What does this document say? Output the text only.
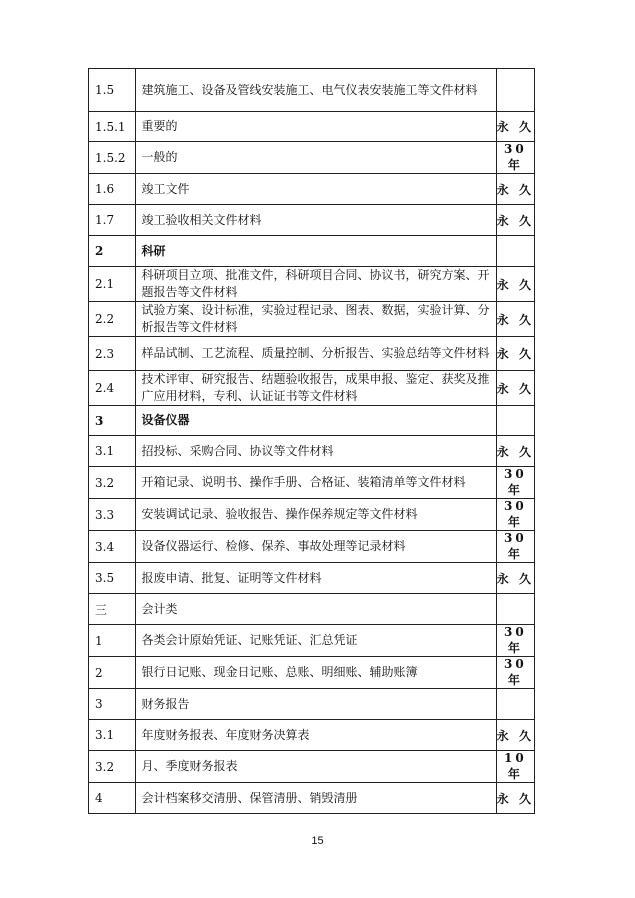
1.5	建筑施工、设备及管线安装施工、电气仪表安装施工等文件材料	
1.5.1	重要的	永 久
1.5.2	一般的	30 年
1.6	竣工文件	永 久
1.7	竣工验收相关文件材料	永 久
2	科研	
2.1	科研项目立项、批准文件，科研项目合同、协议书，研究方案、开题报告等文件材料	永 久
2.2	试验方案、设计标准，实验过程记录、图表、数据，实验计算、分析报告等文件材料	永 久
2.3	样品试制、工艺流程、质量控制、分析报告、实验总结等文件材料	永 久
2.4	技术评审、研究报告、结题验收报告，成果申报、鉴定、获奖及推广应用材料，专利、认证证书等文件材料	永 久
3	设备仪器	
3.1	招投标、采购合同、协议等文件材料	永 久
3.2	开箱记录、说明书、操作手册、合格证、装箱清单等文件材料	30 年
3.3	安装调试记录、验收报告、操作保养规定等文件材料	30 年
3.4	设备仪器运行、检修、保养、事故处理等记录材料	30 年
3.5	报废申请、批复、证明等文件材料	永 久
三	会计类	
1	各类会计原始凭证、记账凭证、汇总凭证	30 年
2	银行日记账、现金日记账、总账、明细账、辅助账簿	30 年
3	财务报告	
3.1	年度财务报表、年度财务决算表	永 久
3.2	月、季度财务报表	10 年
4	会计档案移交清册、保管清册、销毁清册	永 久
15
